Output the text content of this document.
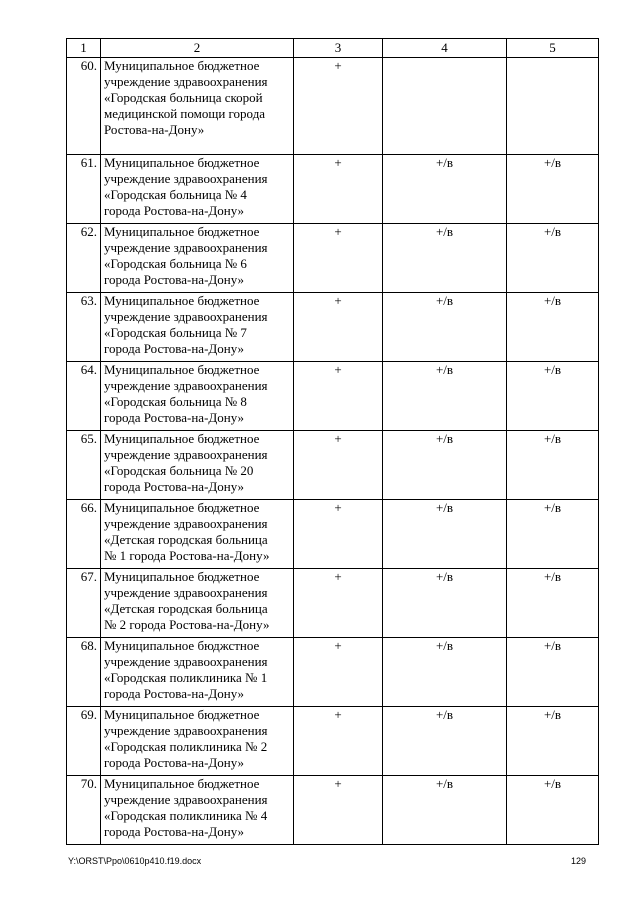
1	2	3	4	5
60.	Муниципальное бюджетное
учреждение здравоохранения
«Городская больница скорой
медицинской помощи города
Ростова-на-Дону»	+		
61.	Муниципальное бюджетное
учреждение здравоохранения
«Городская больница № 4
города Ростова-на-Дону»	+	+/в	+/в
62.	Муниципальное бюджетное
учреждение здравоохранения
«Городская больница № 6
города Ростова-на-Дону»	+	+/в	+/в
63.	Муниципальное бюджетное
учреждение здравоохранения
«Городская больница № 7
города Ростова-на-Дону»	+	+/в	+/в
64.	Муниципальное бюджетное
учреждение здравоохранения
«Городская больница № 8
города Ростова-на-Дону»	+	+/в	+/в
65.	Муниципальное бюджетное
учреждение здравоохранения
«Городская больница № 20
города Ростова-на-Дону»	+	+/в	+/в
66.	Муниципальное бюджетное
учреждение здравоохранения
«Детская городская больница
№ 1 города Ростова-на-Дону»	+	+/в	+/в
67.	Муниципальное бюджетное
учреждение здравоохранения
«Детская городская больница
№ 2 города Ростова-на-Дону»	+	+/в	+/в
68.	Муниципальное бюджстное
учреждение здравоохранения
«Городская поликлиника № 1
города Ростова-на-Дону»	+	+/в	+/в
69.	Муниципальное бюджетное
учреждение здравоохранения
«Городская поликлиника № 2
города Ростова-на-Дону»	+	+/в	+/в
70.	Муниципальное бюджетное
учреждение здравоохранения
«Городская поликлиника № 4
города Ростова-на-Дону»	+	+/в	+/в
Y:\ORST\Ppo\0610p410.f19.docx	129
